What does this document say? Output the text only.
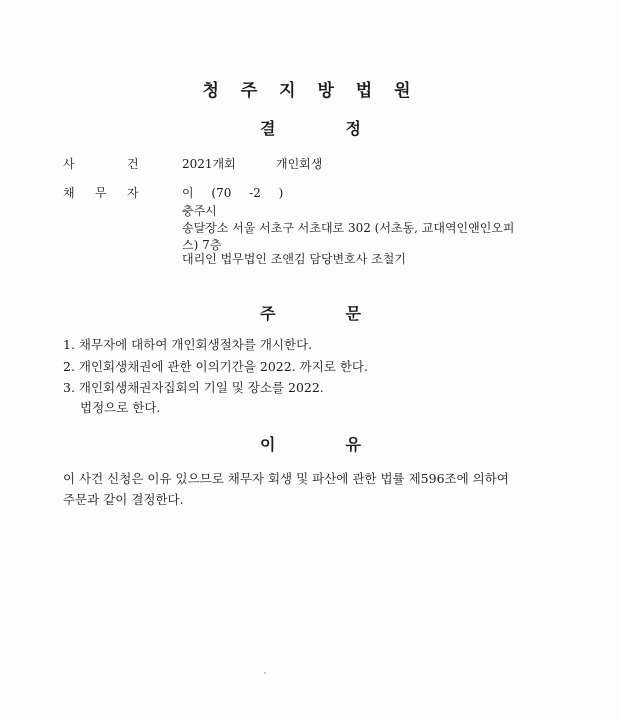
청 주 지 방 법 원
결	정
사	건	2021개회	개인회생
채	무	자	이 (70 -2 )
충주시
송달장소 서울 서초구 서초대로 302 (서초동, 교대역인앤인오피
스) 7층
대리인 법무법인 조앤김 담당변호사 조철기
주	문
1. 채무자에 대하여 개인회생절차를 개시한다.
2. 개인회생채권에 관한 이의기간을 2022. 까지로 한다.
3. 개인회생채권자집회의 기일 및 장소를 2022.
법정으로 한다.
이	유
이 사건 신청은 이유 있으므로 채무자 회생 및 파산에 관한 법률 제596조에 의하여
주문과 같이 결정한다.
